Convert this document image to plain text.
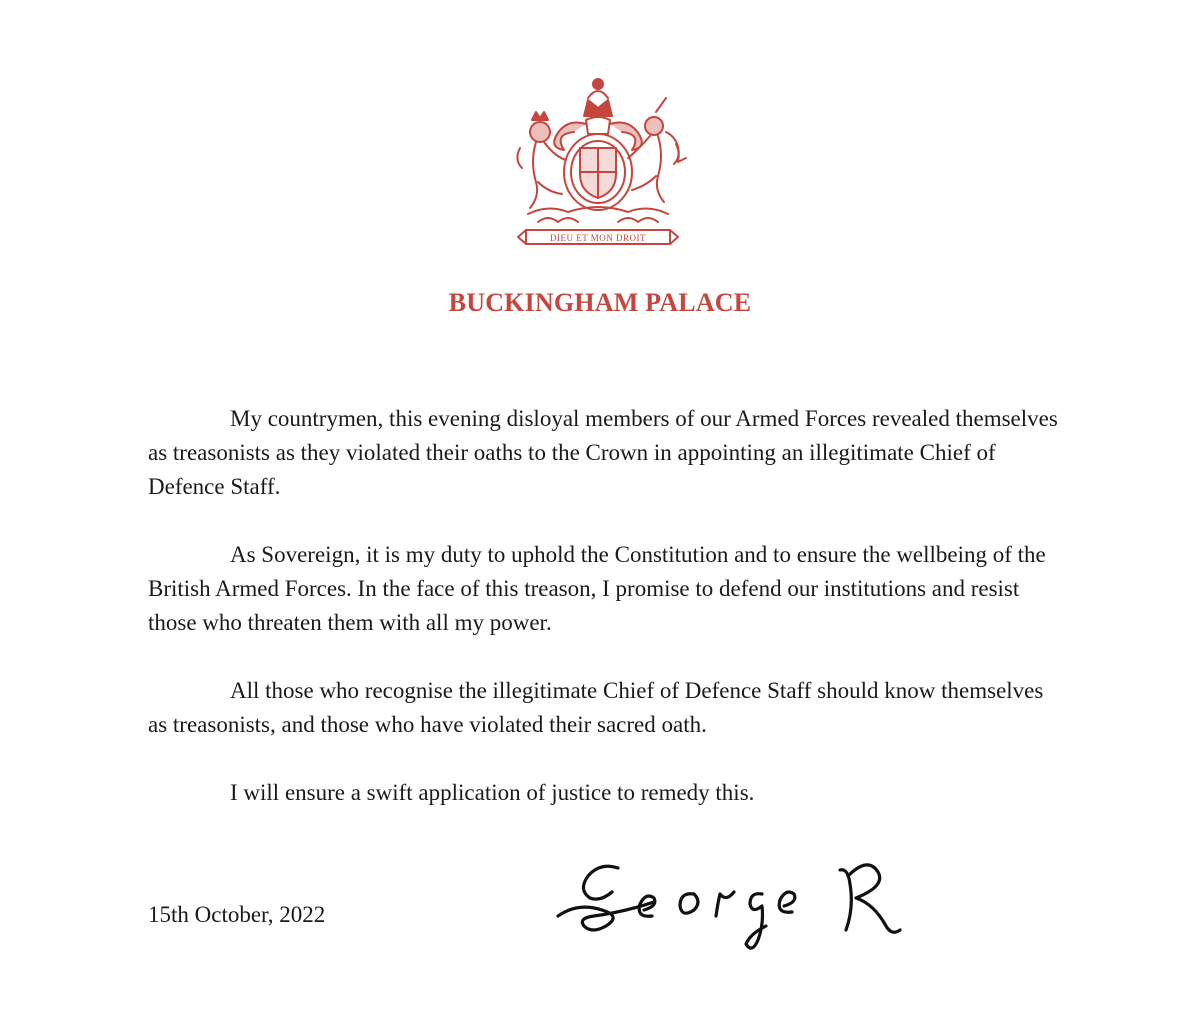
DIEU ET MON DROIT
BUCKINGHAM PALACE

My countrymen, this evening disloyal members of our Armed Forces revealed themselves as treasonists as they violated their oaths to the Crown in appointing an illegitimate Chief of Defence Staff.

As Sovereign, it is my duty to uphold the Constitution and to ensure the wellbeing of the British Armed Forces. In the face of this treason, I promise to defend our institutions and resist those who threaten them with all my power.

All those who recognise the illegitimate Chief of Defence Staff should know themselves as treasonists, and those who have violated their sacred oath.

I will ensure a swift application of justice to remedy this.

15th October, 2022
